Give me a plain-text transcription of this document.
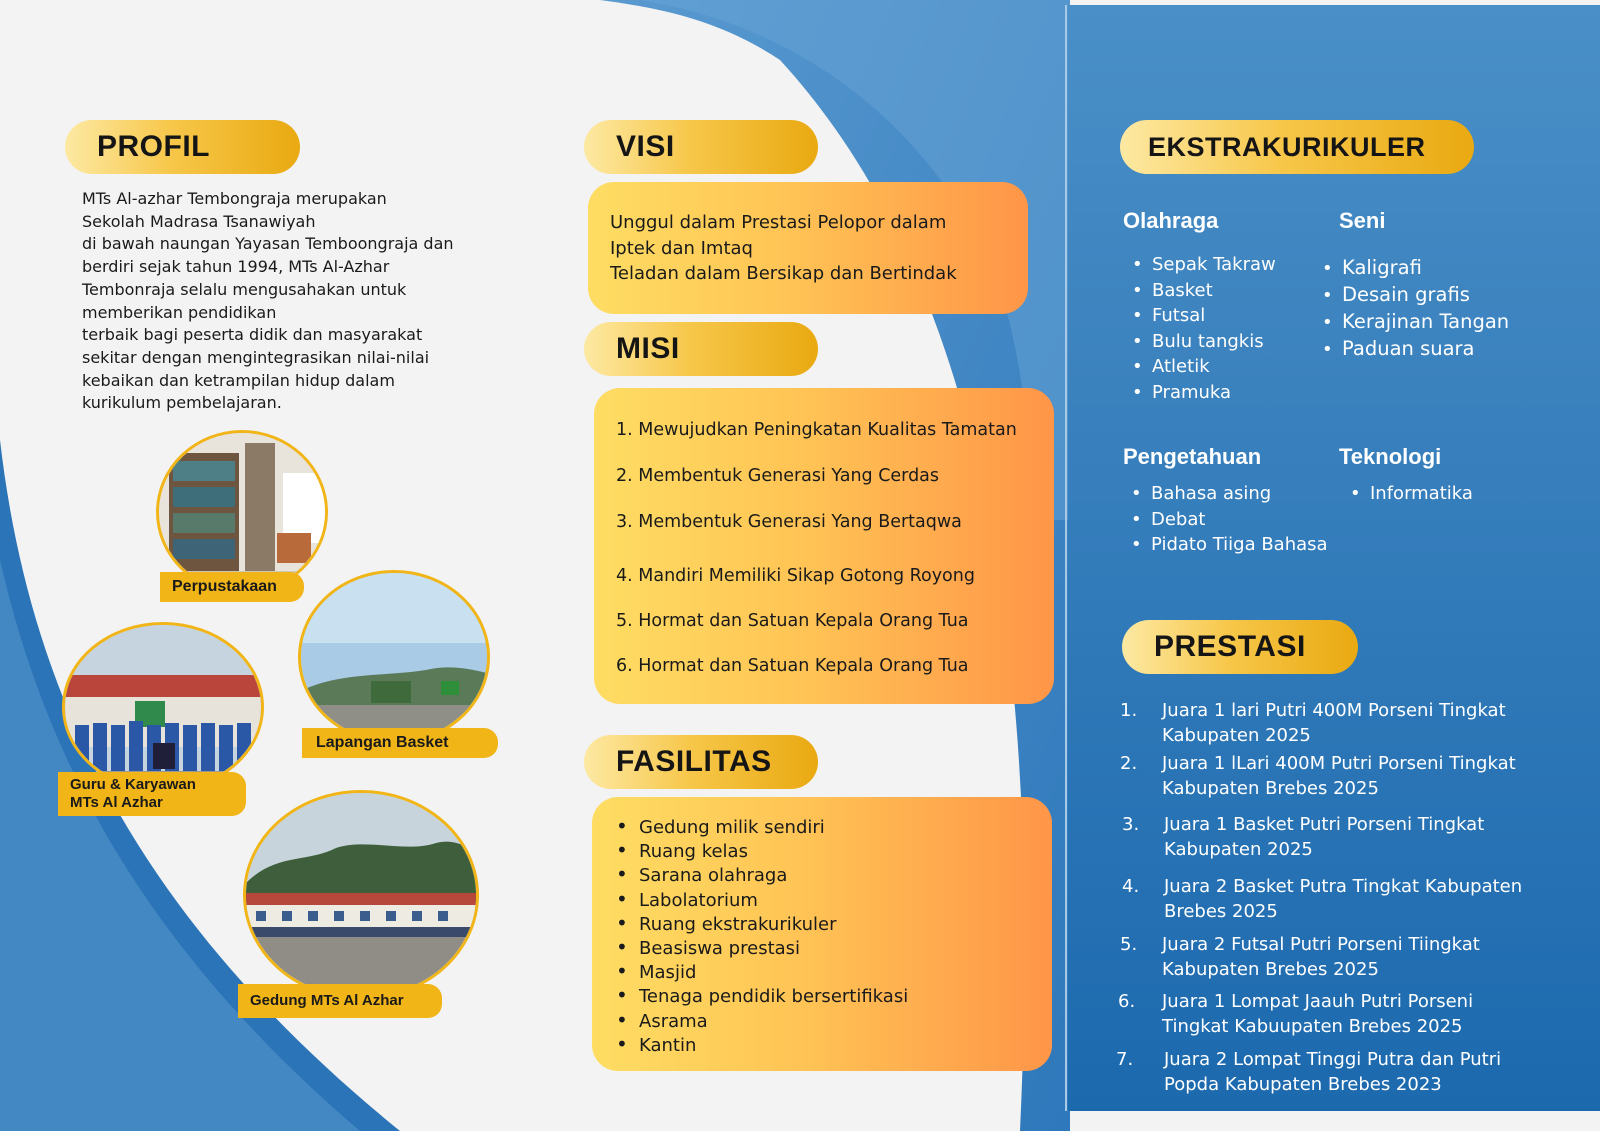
PROFIL
MTs Al-azhar Tembongraja merupakan
Sekolah Madrasa Tsanawiyah
di bawah naungan Yayasan Temboongraja dan
berdiri sejak tahun 1994, MTs Al-Azhar
Tembonraja selalu mengusahakan untuk
memberikan pendidikan
terbaik bagi peserta didik dan masyarakat
sekitar dengan mengintegrasikan nilai-nilai
kebaikan dan ketrampilan hidup dalam
kurikulum pembelajaran.
Perpustakaan
Lapangan Basket
Guru & Karyawan
MTs Al Azhar
Gedung MTs Al Azhar
VISI
Unggul dalam Prestasi Pelopor dalam
Iptek dan Imtaq
Teladan dalam Bersikap dan Bertindak
MISI
1. Mewujudkan Peningkatan Kualitas Tamatan
2. Membentuk Generasi Yang Cerdas
3. Membentuk Generasi Yang Bertaqwa
4. Mandiri Memiliki Sikap Gotong Royong
5. Hormat dan Satuan Kepala Orang Tua
6. Hormat dan Satuan Kepala Orang Tua
FASILITAS
• Gedung milik sendiri
• Ruang kelas
• Sarana olahraga
• Labolatorium
• Ruang ekstrakurikuler
• Beasiswa prestasi
• Masjid
• Tenaga pendidik bersertifikasi
• Asrama
• Kantin
EKSTRAKURIKULER
Olahraga
• Sepak Takraw
• Basket
• Futsal
• Bulu tangkis
• Atletik
• Pramuka
Seni
• Kaligrafi
• Desain grafis
• Kerajinan Tangan
• Paduan suara
Pengetahuan
• Bahasa asing
• Debat
• Pidato Tiiga Bahasa
Teknologi
• Informatika
PRESTASI
1. Juara 1 lari Putri 400M Porseni Tingkat
Kabupaten 2025
2. Juara 1 lLari 400M Putri Porseni Tingkat
Kabupaten Brebes 2025
3. Juara 1 Basket Putri Porseni Tingkat
Kabupaten 2025
4. Juara 2 Basket Putra Tingkat Kabupaten
Brebes 2025
5. Juara 2 Futsal Putri Porseni Tiingkat
Kabupaten Brebes 2025
6. Juara 1 Lompat Jaauh Putri Porseni
Tingkat Kabuupaten Brebes 2025
7. Juara 2 Lompat Tinggi Putra dan Putri
Popda Kabupaten Brebes 2023
